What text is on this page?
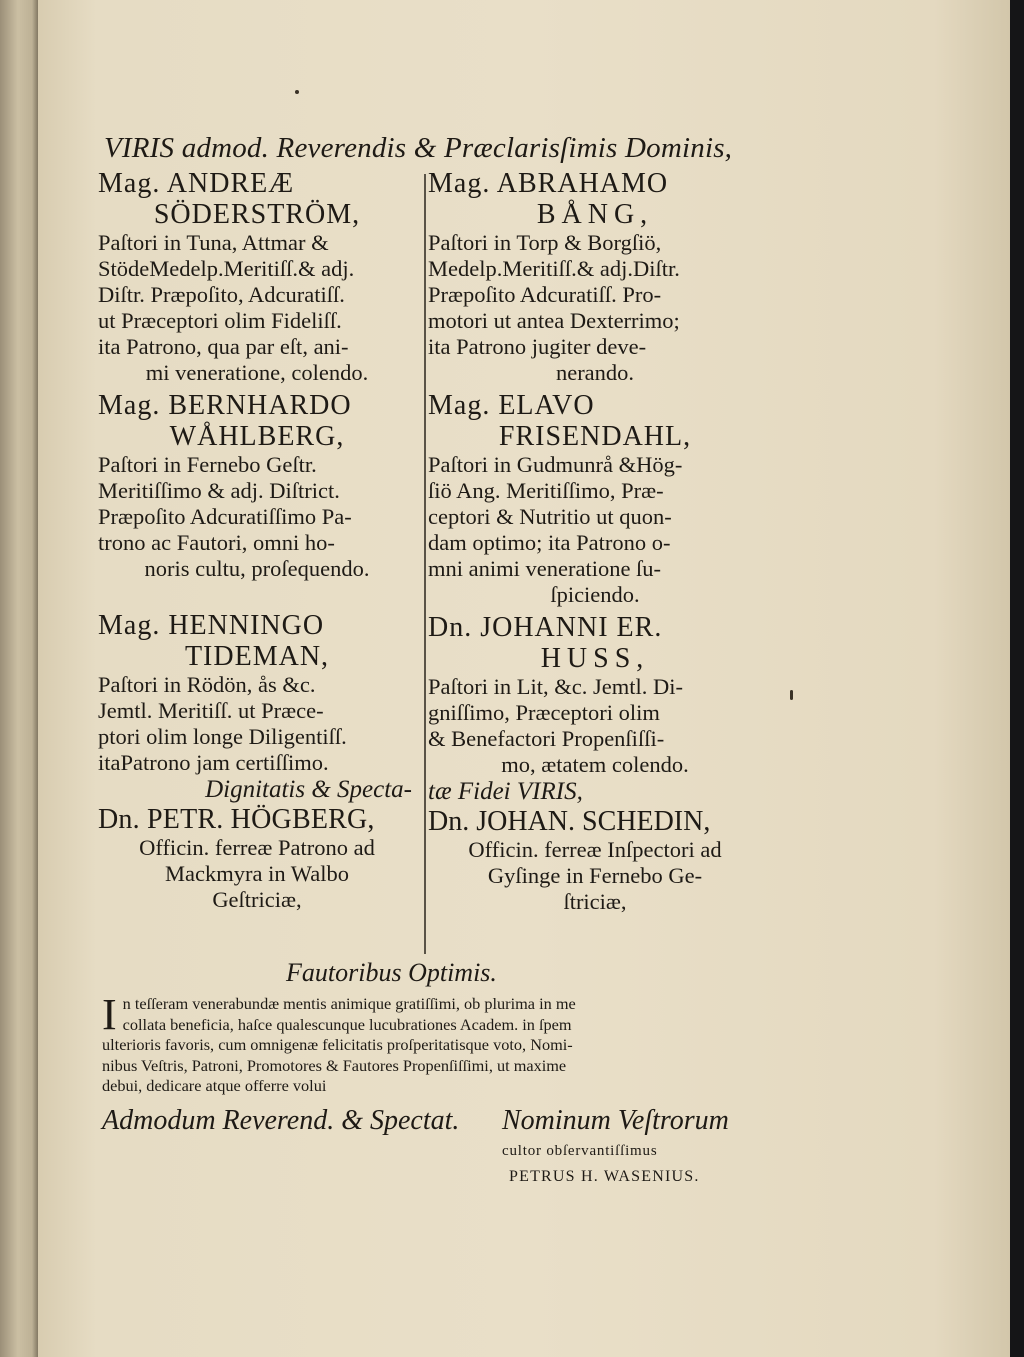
VIRIS admod. Reverendis & Præclarisſimis Dominis,
Mag. ANDREÆ
SÖDERSTRÖM,
Paſtori in Tuna, Attmar &
StödeMedelp.Meritiſſ.& adj.
Diſtr. Præpoſito, Adcuratiſſ.
ut Præceptori olim Fideliſſ.
ita Patrono, qua par eſt, ani-
mi veneratione, colendo.
Mag. BERNHARDO
WÅHLBERG,
Paſtori in Fernebo Geſtr.
Meritiſſimo & adj. Diſtrict.
Præpoſito Adcuratiſſimo Pa-
trono ac Fautori, omni ho-
noris cultu, proſequendo.
Mag. HENNINGO
TIDEMAN,
Paſtori in Rödön, ås &c.
Jemtl. Meritiſſ. ut Præce-
ptori olim longe Diligentiſſ.
itaPatrono jam certiſſimo.
Dignitatis & Specta-
Dn. PETR. HÖGBERG,
Officin. ferreæ Patrono ad
Mackmyra in Walbo
Geſtriciæ,
Mag. ABRAHAMO
BÅNG,
Paſtori in Torp & Borgſiö,
Medelp.Meritiſſ.& adj.Diſtr.
Præpoſito Adcuratiſſ. Pro-
motori ut antea Dexterrimo;
ita Patrono jugiter deve-
nerando.
Mag. ELAVO
FRISENDAHL,
Paſtori in Gudmunrå &Hög-
ſiö Ang. Meritiſſimo, Præ-
ceptori & Nutritio ut quon-
dam optimo; ita Patrono o-
mni animi veneratione ſu-
ſpiciendo.
Dn. JOHANNI ER.
HUSS,
Paſtori in Lit, &c. Jemtl. Di-
gniſſimo, Præceptori olim
& Benefactori Propenſiſſi-
mo, ætatem colendo.
tæ Fidei VIRIS,
Dn. JOHAN. SCHEDIN,
Officin. ferreæ Inſpectori ad
Gyſinge in Fernebo Ge-
ſtriciæ,
Fautoribus Optimis.
I n teſſeram venerabundæ mentis animique gratiſſimi, ob plurima in me
collata beneficia, haſce qualescunque lucubrationes Academ. in ſpem
ulterioris favoris, cum omnigenæ felicitatis proſperitatisque voto, Nomi-
nibus Veſtris, Patroni, Promotores & Fautores Propenſiſſimi, ut maxime
debui, dedicare atque offerre volui
Admodum Reverend. & Spectat. Nominum Veſtrorum
cultor obſervantiſſimus
PETRUS H. WASENIUS.
